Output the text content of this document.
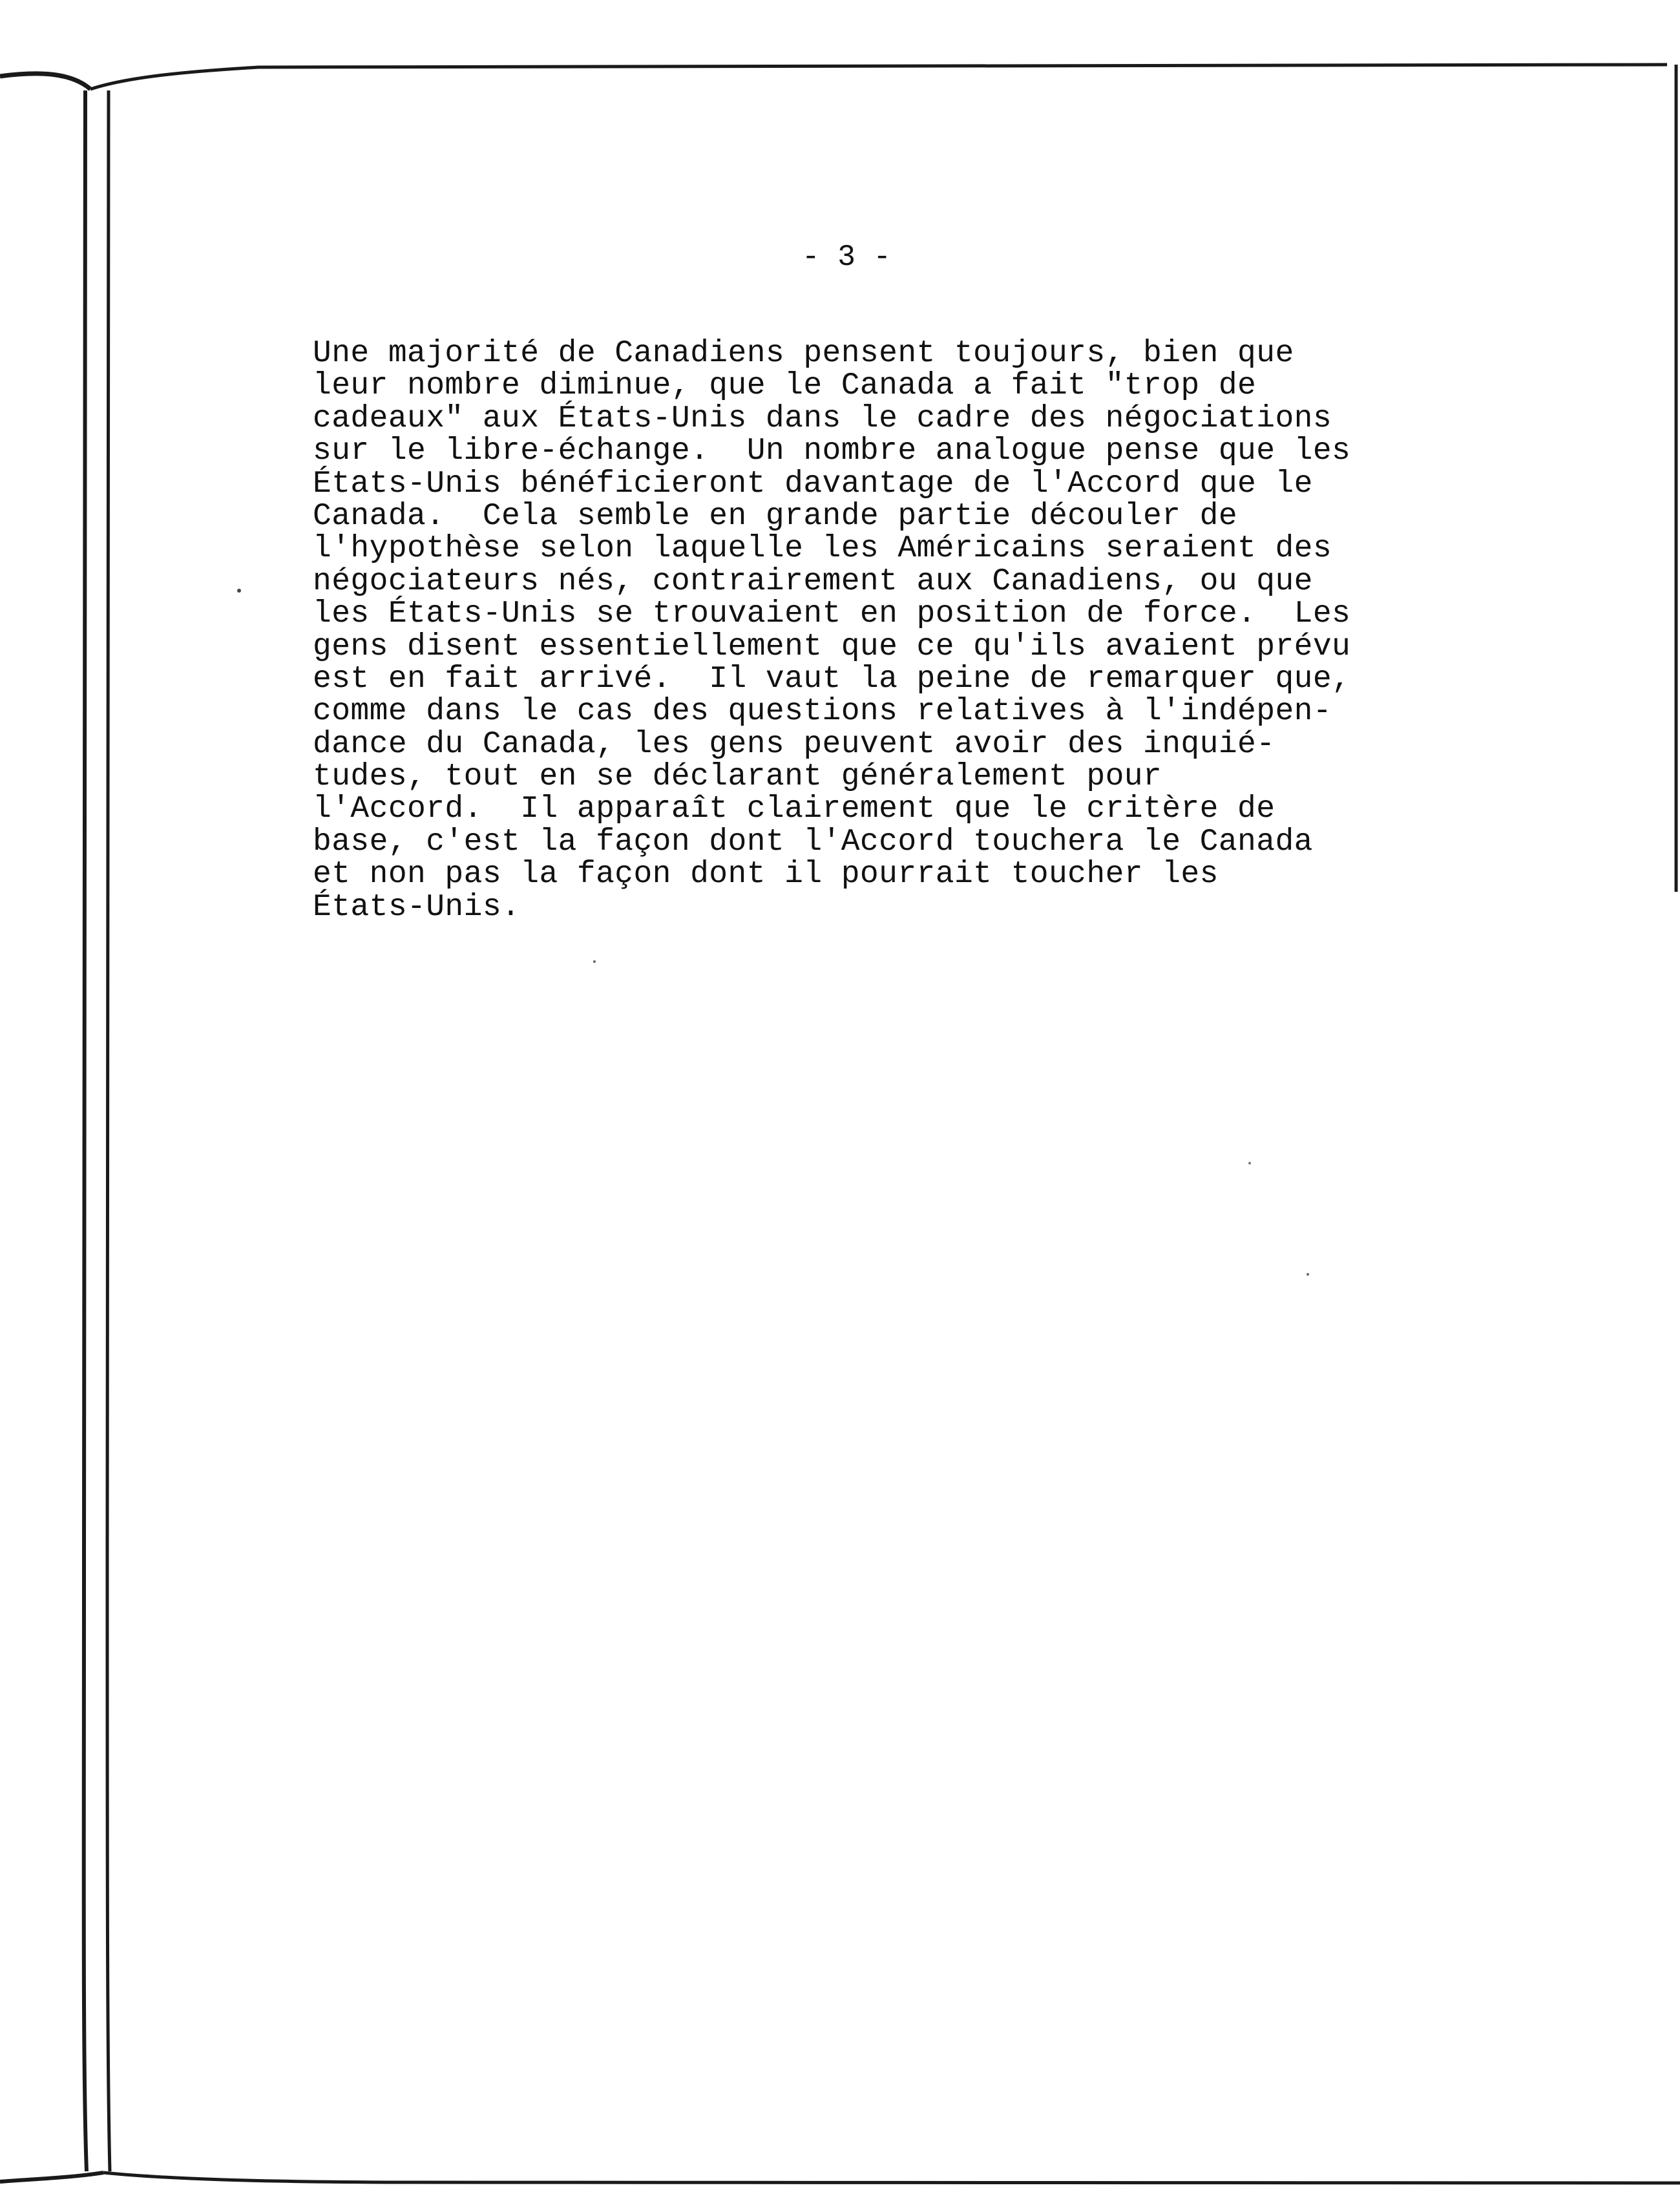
- 3 -
Une majorité de Canadiens pensent toujours, bien que
leur nombre diminue, que le Canada a fait "trop de
cadeaux" aux États-Unis dans le cadre des négociations
sur le libre-échange.  Un nombre analogue pense que les
États-Unis bénéficieront davantage de l'Accord que le
Canada.  Cela semble en grande partie découler de
l'hypothèse selon laquelle les Américains seraient des
négociateurs nés, contrairement aux Canadiens, ou que
les États-Unis se trouvaient en position de force.  Les
gens disent essentiellement que ce qu'ils avaient prévu
est en fait arrivé.  Il vaut la peine de remarquer que,
comme dans le cas des questions relatives à l'indépen-
dance du Canada, les gens peuvent avoir des inquié-
tudes, tout en se déclarant généralement pour
l'Accord.  Il apparaît clairement que le critère de
base, c'est la façon dont l'Accord touchera le Canada
et non pas la façon dont il pourrait toucher les
États-Unis.
